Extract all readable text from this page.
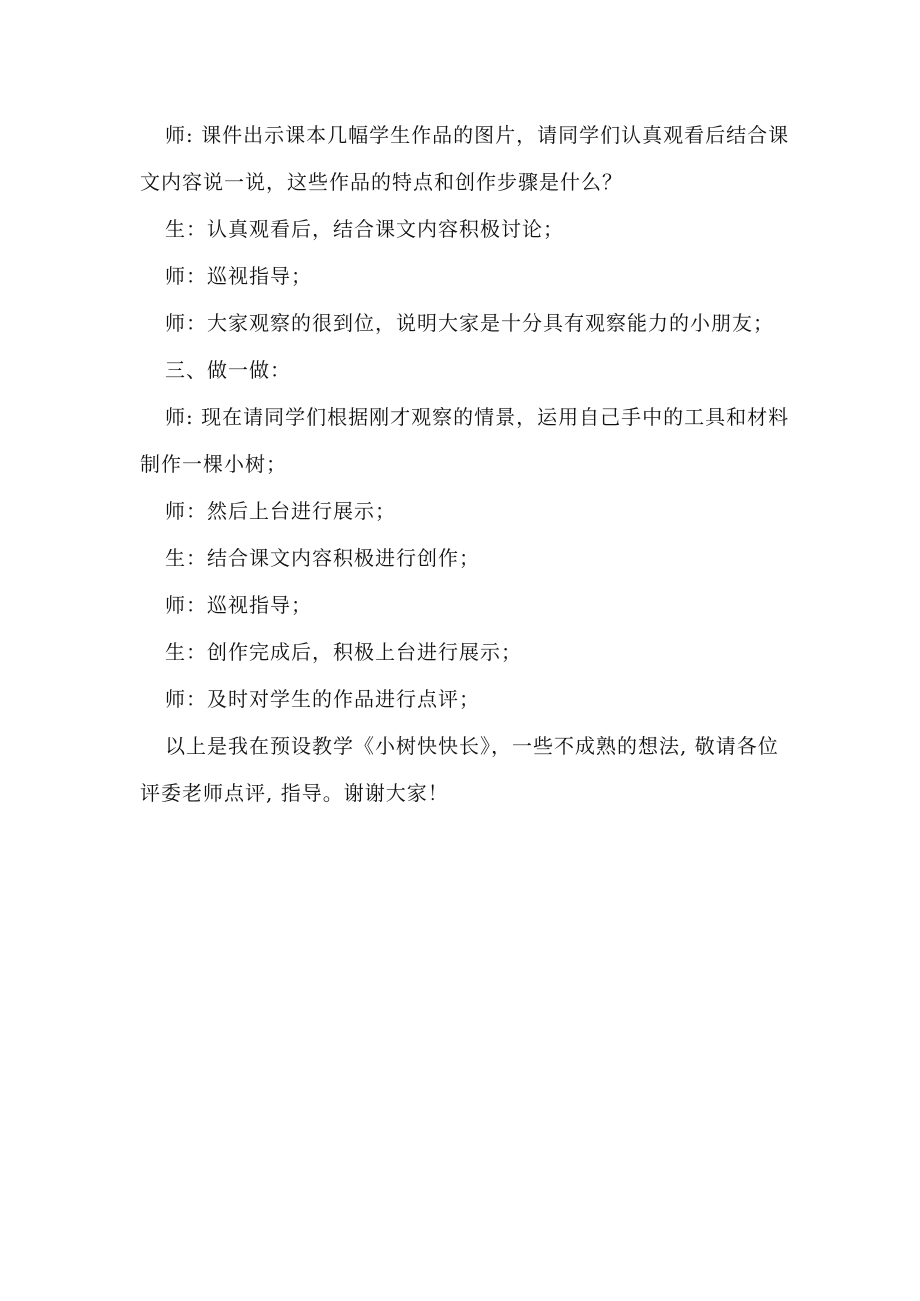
师: 课件出示课本几幅学生作品的图片，请同学们认真观看后结合课文内容说一说，这些作品的特点和创作步骤是什么？

生：认真观看后，结合课文内容积极讨论；

师：巡视指导；

师：大家观察的很到位，说明大家是十分具有观察能力的小朋友；

三、做一做：

师: 现在请同学们根据刚才观察的情景，运用自己手中的工具和材料制作一棵小树；

师：然后上台进行展示；

生：结合课文内容积极进行创作；

师：巡视指导；

生：创作完成后，积极上台进行展示；

师：及时对学生的作品进行点评；

以上是我在预设教学《小树快快长》，一些不成熟的想法, 敬请各位评委老师点评, 指导。谢谢大家！
